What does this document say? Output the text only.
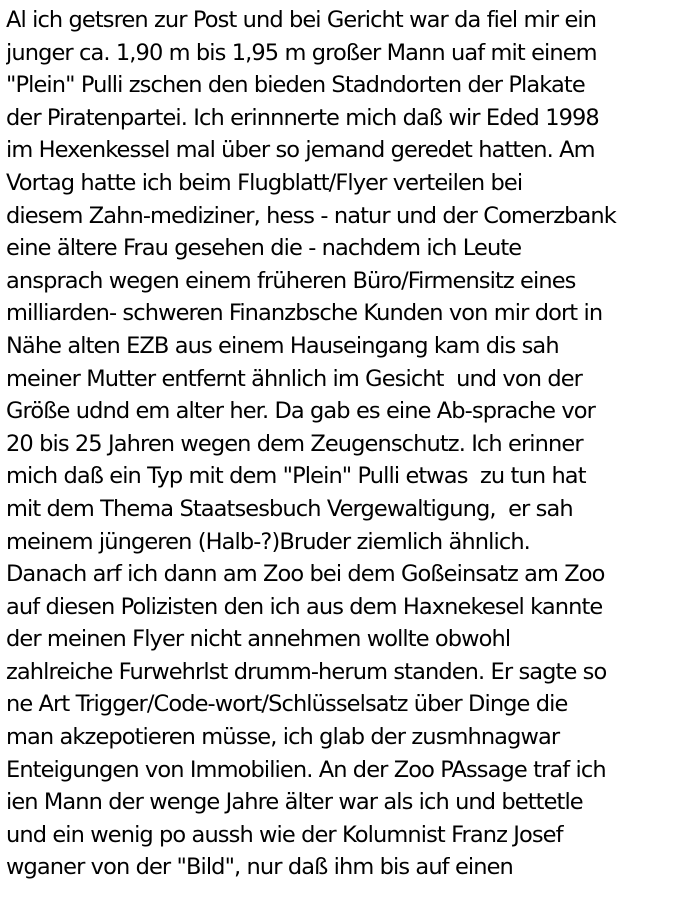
Al ich getsren zur Post und bei Gericht war da fiel mir ein
junger ca. 1,90 m bis 1,95 m großer Mann uaf mit einem
"Plein" Pulli zschen den bieden Stadndorten der Plakate
der Piratenpartei. Ich erinnnerte mich daß wir Eded 1998
im Hexenkessel mal über so jemand geredet hatten. Am
Vortag hatte ich beim Flugblatt/Flyer verteilen bei
diesem Zahn-mediziner, hess - natur und der Comerzbank
eine ältere Frau gesehen die - nachdem ich Leute
ansprach wegen einem früheren Büro/Firmensitz eines
milliarden- schweren Finanzbsche Kunden von mir dort in
Nähe alten EZB aus einem Hauseingang kam dis sah
meiner Mutter entfernt ähnlich im Gesicht  und von der
Größe udnd em alter her. Da gab es eine Ab-sprache vor
20 bis 25 Jahren wegen dem Zeugenschutz. Ich erinner
mich daß ein Typ mit dem "Plein" Pulli etwas  zu tun hat
mit dem Thema Staatsesbuch Vergewaltigung,  er sah
meinem jüngeren (Halb-?)Bruder ziemlich ähnlich.
Danach arf ich dann am Zoo bei dem Goßeinsatz am Zoo
auf diesen Polizisten den ich aus dem Haxnekesel kannte
der meinen Flyer nicht annehmen wollte obwohl
zahlreiche Furwehrlst drumm-herum standen. Er sagte so
ne Art Trigger/Code-wort/Schlüsselsatz über Dinge die
man akzepotieren müsse, ich glab der zusmhnagwar
Enteigungen von Immobilien. An der Zoo PAssage traf ich
ien Mann der wenge Jahre älter war als ich und bettetle
und ein wenig po aussh wie der Kolumnist Franz Josef
wganer von der "Bild", nur daß ihm bis auf einen
